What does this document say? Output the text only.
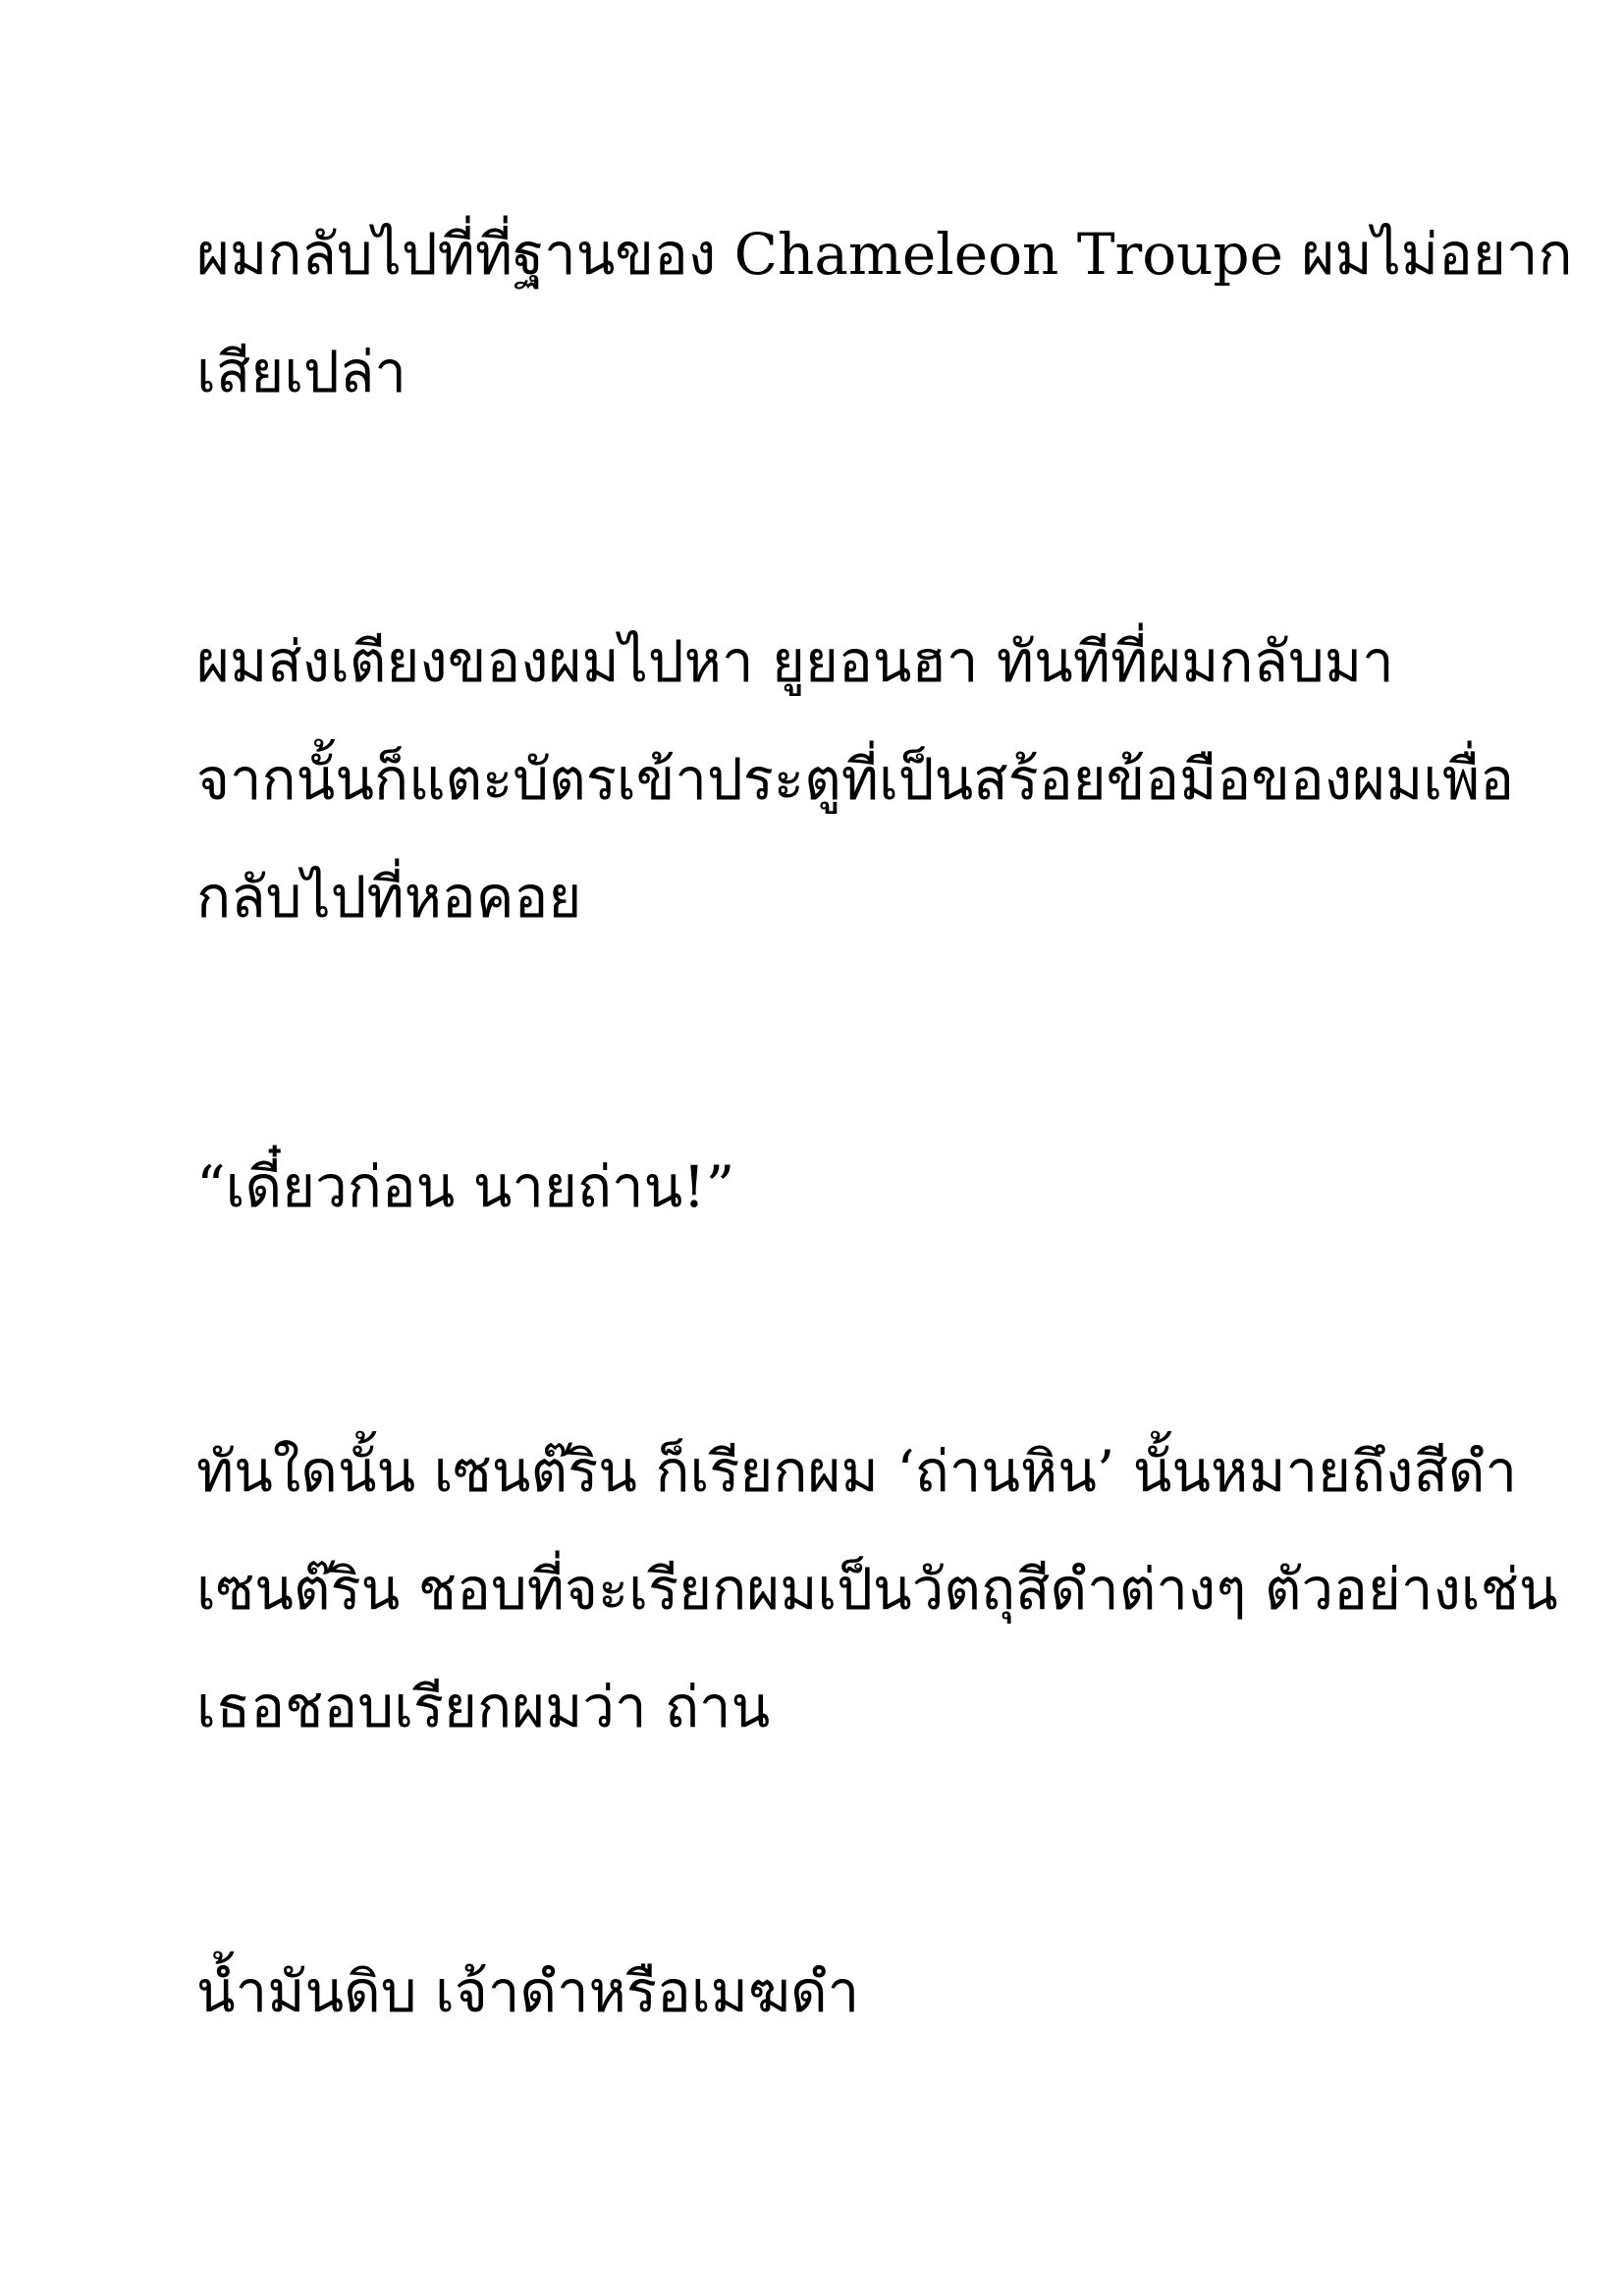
ผมกลับไปที่ที่ฐานของ Chameleon Troupe ผมไม่อยาก
เสียเปล่า
ผมส่งเตียงของผมไปหา ยูยอนฮา ทันทีที่ผมกลับมา
จากนั้นก็แตะบัตรเข้าประตูที่เป็นสร้อยข้อมือของผมเพื่อ
กลับไปที่หอคอย
“เดี๋ยวก่อน นายถ่าน!”
ทันใดนั้น เซนต๊ริน ก็เรียกผม ‘ถ่านหิน’ นั้นหมายถึงสีดำ
เซนต๊ริน ชอบที่จะเรียกผมเป็นวัตถุสีดำต่างๆ ตัวอย่างเช่น
เธอชอบเรียกผมว่า ถ่าน
น้ำมันดิบ เจ้าดำหรือเมฆดำ
